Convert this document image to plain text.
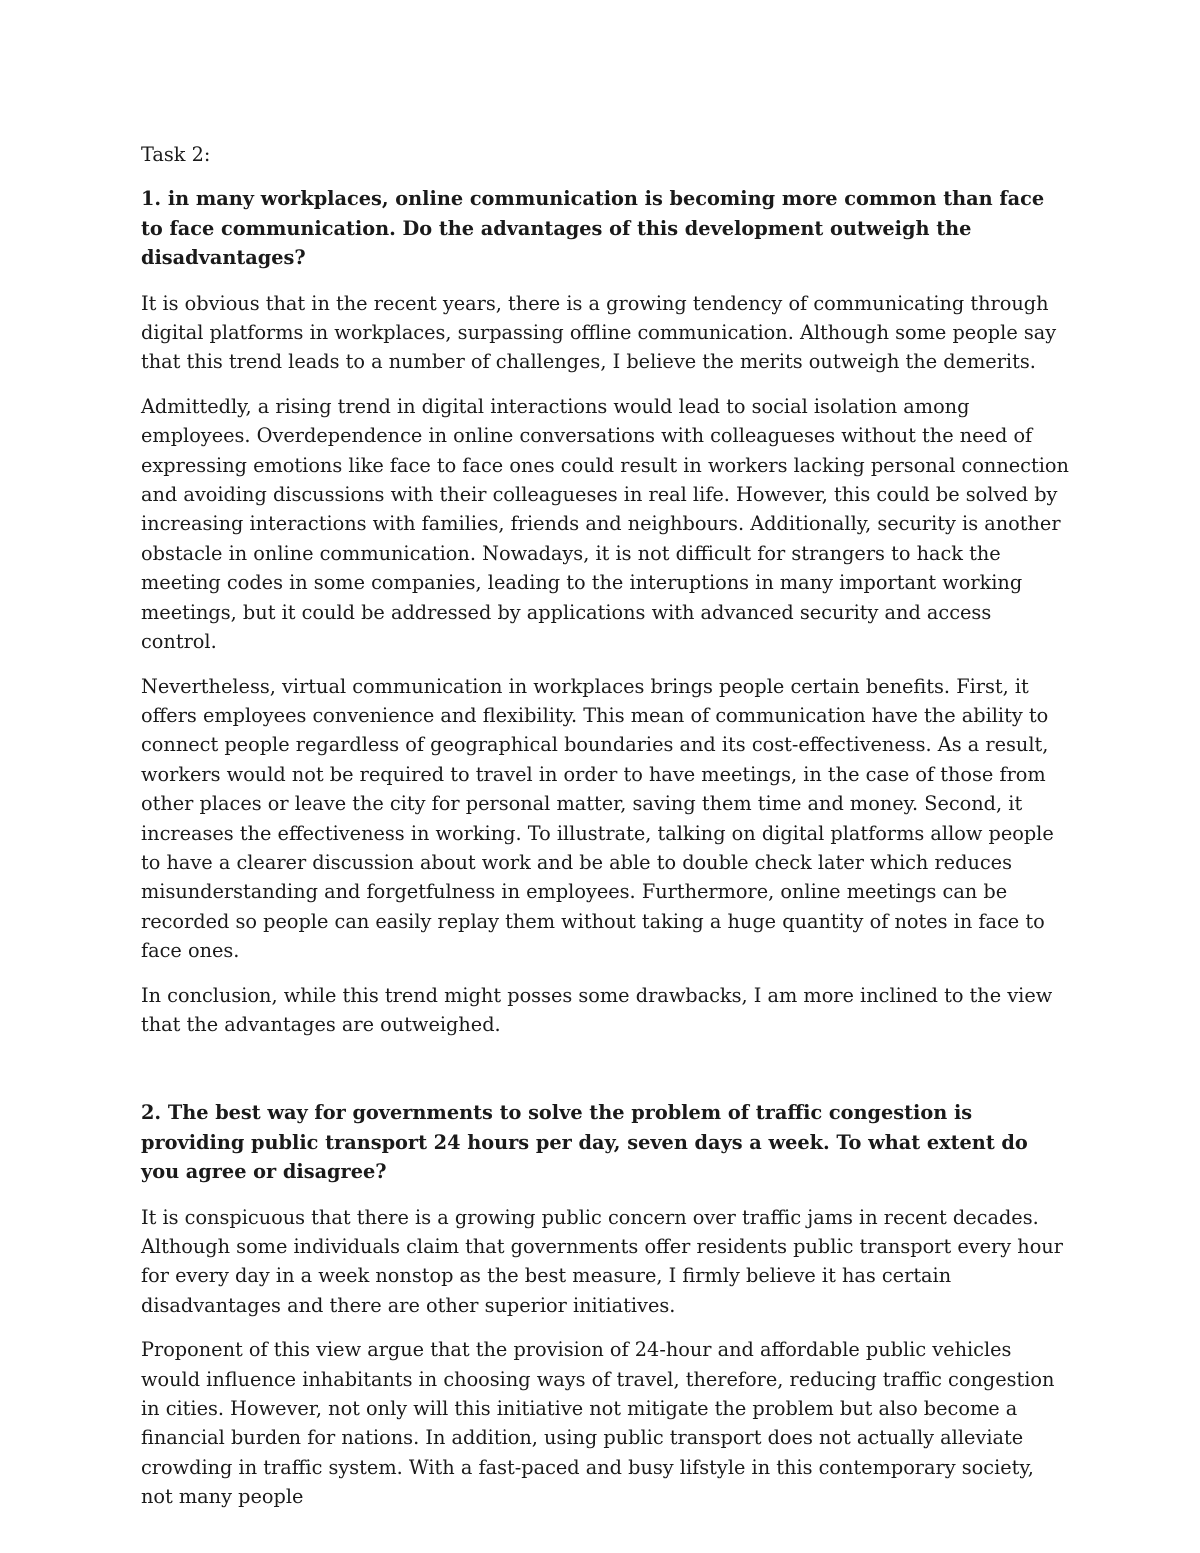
Task 2:

1. in many workplaces, online communication is becoming more common than face to face communication. Do the advantages of this development outweigh the disadvantages?

It is obvious that in the recent years, there is a growing tendency of communicating through digital platforms in workplaces, surpassing offline communication. Although some people say that this trend leads to a number of challenges, I believe the merits outweigh the demerits.

Admittedly, a rising trend in digital interactions would lead to social isolation among employees. Overdependence in online conversations with colleagueses without the need of expressing emotions like face to face ones could result in workers lacking personal connection and avoiding discussions with their colleagueses in real life. However, this could be solved by increasing interactions with families, friends and neighbours. Additionally, security is another obstacle in online communication. Nowadays, it is not difficult for strangers to hack the meeting codes in some companies, leading to the interuptions in many important working meetings, but it could be addressed by applications with advanced security and access control.

Nevertheless, virtual communication in workplaces brings people certain benefits. First, it offers employees convenience and flexibility. This mean of communication have the ability to connect people regardless of geographical boundaries and its cost-effectiveness. As a result, workers would not be required to travel in order to have meetings, in the case of those from other places or leave the city for personal matter, saving them time and money. Second, it increases the effectiveness in working. To illustrate, talking on digital platforms allow people to have a clearer discussion about work and be able to double check later which reduces misunderstanding and forgetfulness in employees. Furthermore, online meetings can be recorded so people can easily replay them without taking a huge quantity of notes in face to face ones.

In conclusion, while this trend might posses some drawbacks, I am more inclined to the view that the advantages are outweighed.

2. The best way for governments to solve the problem of traffic congestion is providing public transport 24 hours per day, seven days a week. To what extent do you agree or disagree?

It is conspicuous that there is a growing public concern over traffic jams in recent decades. Although some individuals claim that governments offer residents public transport every hour for every day in a week nonstop as the best measure, I firmly believe it has certain disadvantages and there are other superior initiatives.

Proponent of this view argue that the provision of 24-hour and affordable public vehicles would influence inhabitants in choosing ways of travel, therefore, reducing traffic congestion in cities. However, not only will this initiative not mitigate the problem but also become a financial burden for nations. In addition, using public transport does not actually alleviate crowding in traffic system. With a fast-paced and busy lifstyle in this contemporary society, not many people
